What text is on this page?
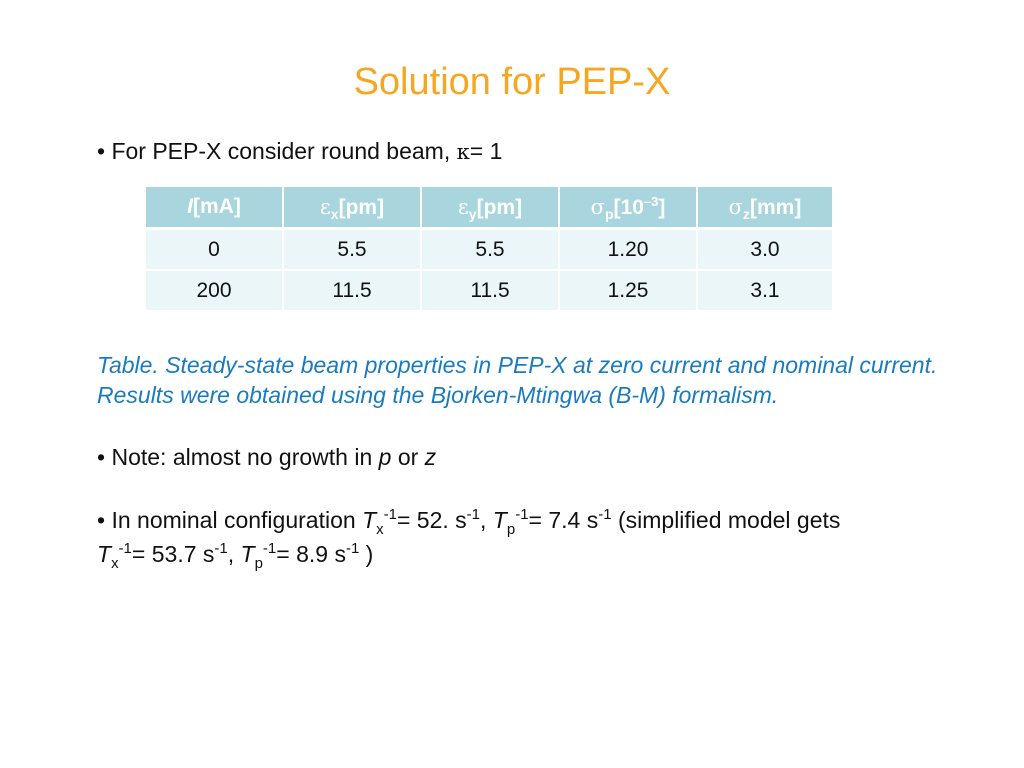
Solution for PEP-X
• For PEP-X consider round beam, κ= 1
I [mA]	ε x [pm]	ε y [pm]	σ p [10 –3 ]	σ z [mm]

0	5.5	5.5	1.20	3.0
200	11.5	11.5	1.25	3.1
Table. Steady-state beam properties in PEP-X at zero current and nominal current. Results were obtained using the Bjorken-Mtingwa (B-M) formalism.
• Note: almost no growth in p or z
• In nominal configuration $T_x^{-1}= 52$. $s^{-1}$, $T_p^{-1}= 7.4$ $s^{-1}$ (simplified model gets
$T_x^{-1}= 53.7$ $s^{-1}$, $T_p^{-1}= 8.9$ $s^{-1}$ )
